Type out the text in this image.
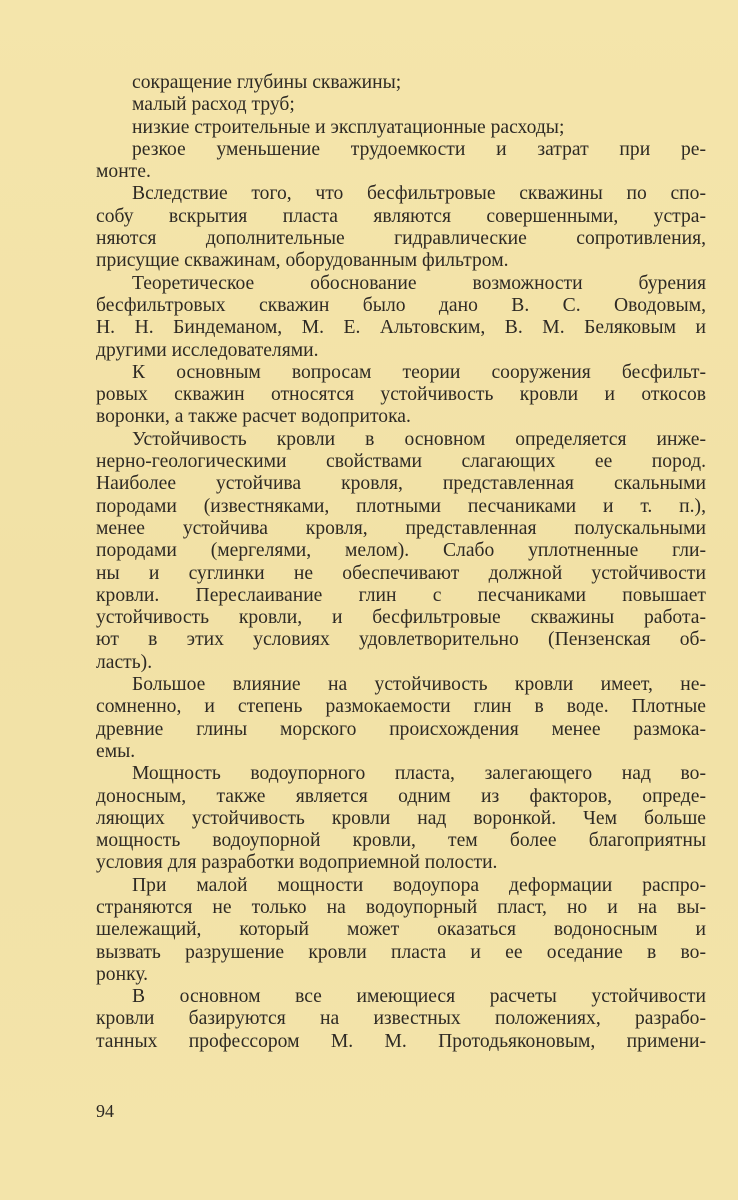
сокращение глубины скважины;
малый расход труб;
низкие строительные и эксплуатационные расходы;
резкое уменьшение трудоемкости и затрат при ре-
монте.
Вследствие того, что бесфильтровые скважины по спо-
собу вскрытия пласта являются совершенными, устра-
няются дополнительные гидравлические сопротивления,
присущие скважинам, оборудованным фильтром.
Теоретическое обоснование возможности бурения
бесфильтровых скважин было дано В. С. Оводовым,
Н. Н. Биндеманом, М. Е. Альтовским, В. М. Беляковым и
другими исследователями.
К основным вопросам теории сооружения бесфильт-
ровых скважин относятся устойчивость кровли и откосов
воронки, а также расчет водопритока.
Устойчивость кровли в основном определяется инже-
нерно-геологическими свойствами слагающих ее пород.
Наиболее устойчива кровля, представленная скальными
породами (известняками, плотными песчаниками и т. п.),
менее устойчива кровля, представленная полускальными
породами (мергелями, мелом). Слабо уплотненные гли-
ны и суглинки не обеспечивают должной устойчивости
кровли. Переслаивание глин с песчаниками повышает
устойчивость кровли, и бесфильтровые скважины работа-
ют в этих условиях удовлетворительно (Пензенская об-
ласть).
Большое влияние на устойчивость кровли имеет, не-
сомненно, и степень размокаемости глин в воде. Плотные
древние глины морского происхождения менее размока-
емы.
Мощность водоупорного пласта, залегающего над во-
доносным, также является одним из факторов, опреде-
ляющих устойчивость кровли над воронкой. Чем больше
мощность водоупорной кровли, тем более благоприятны
условия для разработки водоприемной полости.
При малой мощности водоупора деформации распро-
страняются не только на водоупорный пласт, но и на вы-
шележащий, который может оказаться водоносным и
вызвать разрушение кровли пласта и ее оседание в во-
ронку.
В основном все имеющиеся расчеты устойчивости
кровли базируются на известных положениях, разрабо-
танных профессором М. М. Протодьяконовым, примени-
94
